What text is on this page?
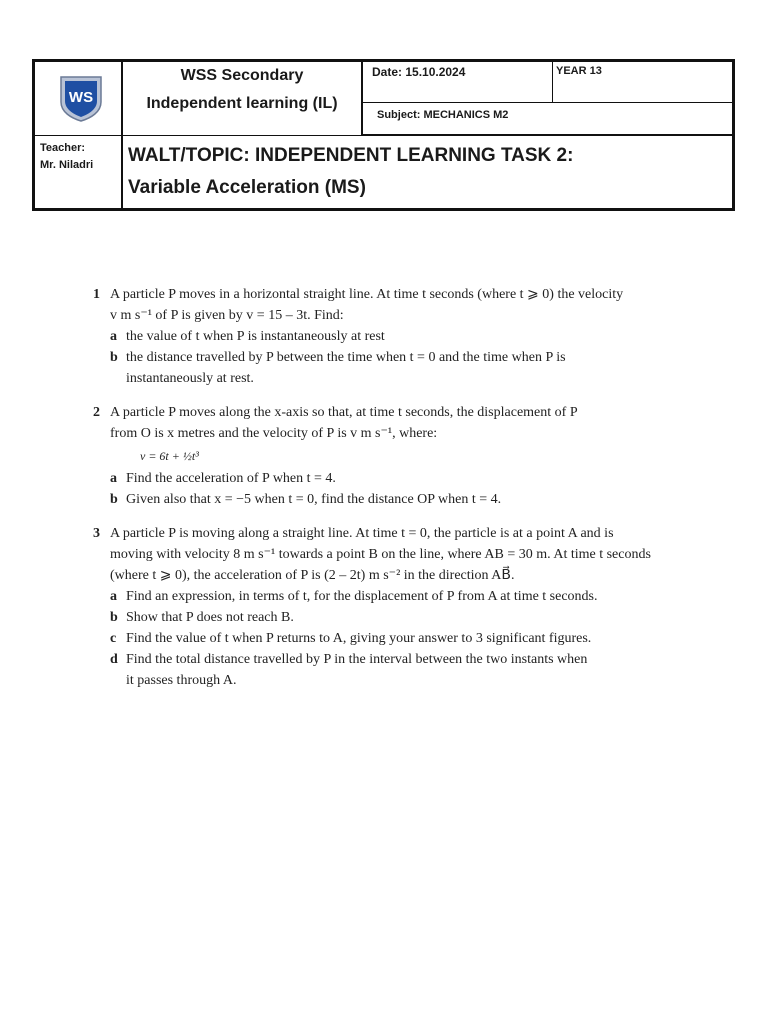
WS
Teacher:
Mr. Niladri
WSS Secondary
Independent learning (IL)
Date: 15.10.2024	YEAR 13
Subject: MECHANICS M2
WALT/TOPIC: INDEPENDENT LEARNING TASK 2:
Variable Acceleration (MS)
1 A particle P moves in a horizontal straight line. At time t seconds (where t ⩾ 0) the velocity
v m s⁻¹ of P is given by v = 15 – 3t. Find:
a the value of t when P is instantaneously at rest
b the distance travelled by P between the time when t = 0 and the time when P is
instantaneously at rest.
2 A particle P moves along the x-axis so that, at time t seconds, the displacement of P
from O is x metres and the velocity of P is v m s⁻¹, where:
v = 6t + ½t³
a Find the acceleration of P when t = 4.
b Given also that x = −5 when t = 0, find the distance OP when t = 4.
3 A particle P is moving along a straight line. At time t = 0, the particle is at a point A and is
moving with velocity 8 m s⁻¹ towards a point B on the line, where AB = 30 m. At time t seconds
(where t ⩾ 0), the acceleration of P is (2 – 2t) m s⁻² in the direction AB⃗.
a Find an expression, in terms of t, for the displacement of P from A at time t seconds.
b Show that P does not reach B.
c Find the value of t when P returns to A, giving your answer to 3 significant figures.
d Find the total distance travelled by P in the interval between the two instants when
it passes through A.
